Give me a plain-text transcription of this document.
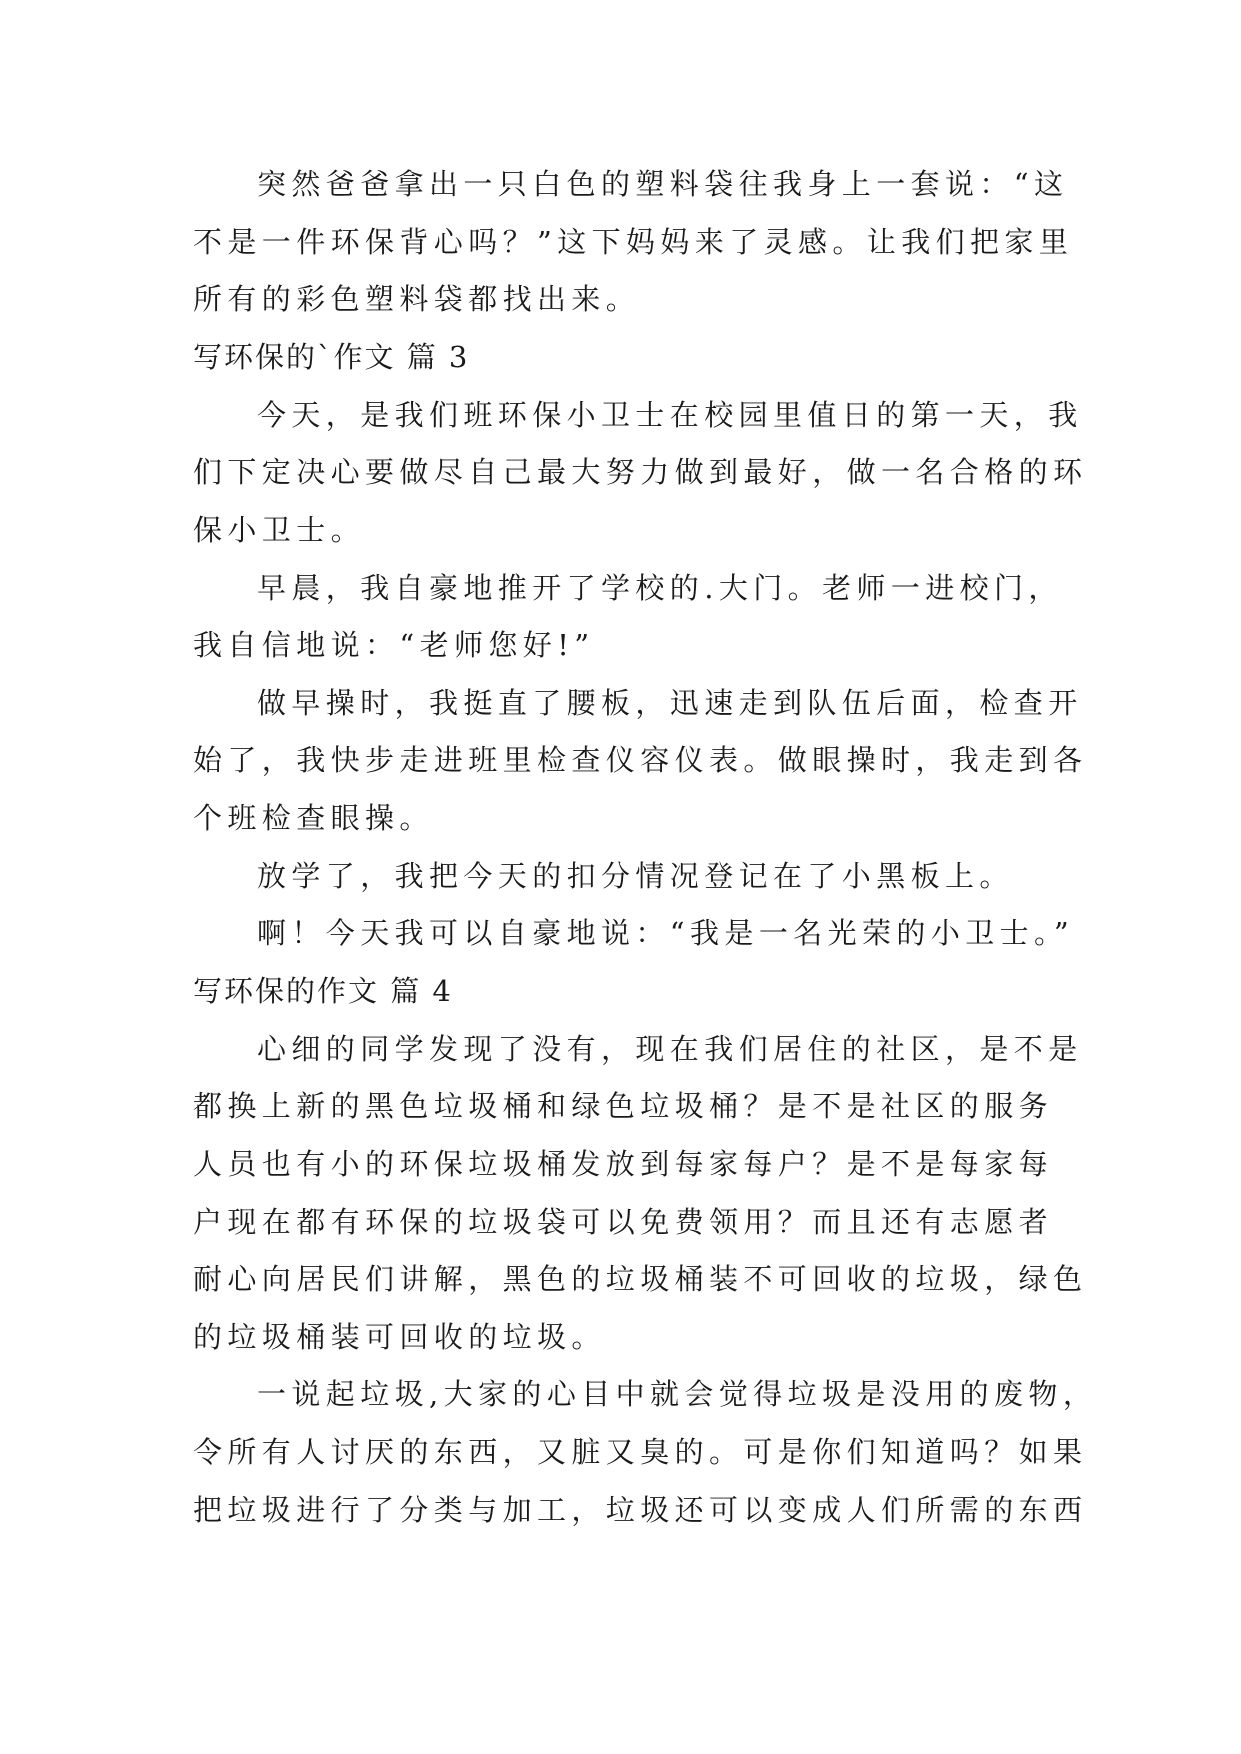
突然爸爸拿出一只白色的塑料袋往我身上一套说：“这
不是一件环保背心吗？”这下妈妈来了灵感。让我们把家里
所有的彩色塑料袋都找出来。
写环保的`作文 篇 3
今天，是我们班环保小卫士在校园里值日的第一天，我
们下定决心要做尽自己最大努力做到最好，做一名合格的环
保小卫士。
早晨，我自豪地推开了学校的.大门。老师一进校门，
我自信地说：“老师您好!”
做早操时，我挺直了腰板，迅速走到队伍后面，检查开
始了，我快步走进班里检查仪容仪表。做眼操时，我走到各
个班检查眼操。
放学了，我把今天的扣分情况登记在了小黑板上。
啊！今天我可以自豪地说：“我是一名光荣的小卫士。”
写环保的作文 篇 4
心细的同学发现了没有，现在我们居住的社区，是不是
都换上新的黑色垃圾桶和绿色垃圾桶？是不是社区的服务
人员也有小的环保垃圾桶发放到每家每户？是不是每家每
户现在都有环保的垃圾袋可以免费领用？而且还有志愿者
耐心向居民们讲解，黑色的垃圾桶装不可回收的垃圾，绿色
的垃圾桶装可回收的垃圾。
一说起垃圾,大家的心目中就会觉得垃圾是没用的废物，
令所有人讨厌的东西，又脏又臭的。可是你们知道吗？如果
把垃圾进行了分类与加工，垃圾还可以变成人们所需的东西
